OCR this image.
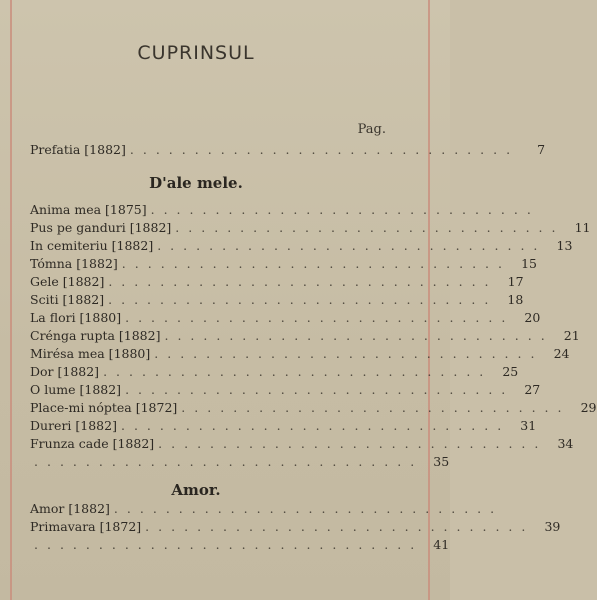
CUPRINSUL
Pag.
Prefatia [1882] ..............................	7
D'ale mele.
Anima mea [1875] ..............................
Pus pe ganduri [1882] .............................. 11
In cemiteriu [1882] .............................. 13
Tómna [1882] .............................. 15
Gele [1882] .............................. 17
Sciti [1882] .............................. 18
La flori [1880] .............................. 20
Crénga rupta [1882] .............................. 21
Mirésa mea [1880] .............................. 24
Dor [1882] .............................. 25
O lume [1882] .............................. 27
Place-mi nóptea [1872] .............................. 29
Dureri [1882] .............................. 31
Frunza cade [1882] .............................. 34
.............................. 35
Amor.
Amor [1882] ..............................
Primavara [1872] .............................. 39
.............................. 41
